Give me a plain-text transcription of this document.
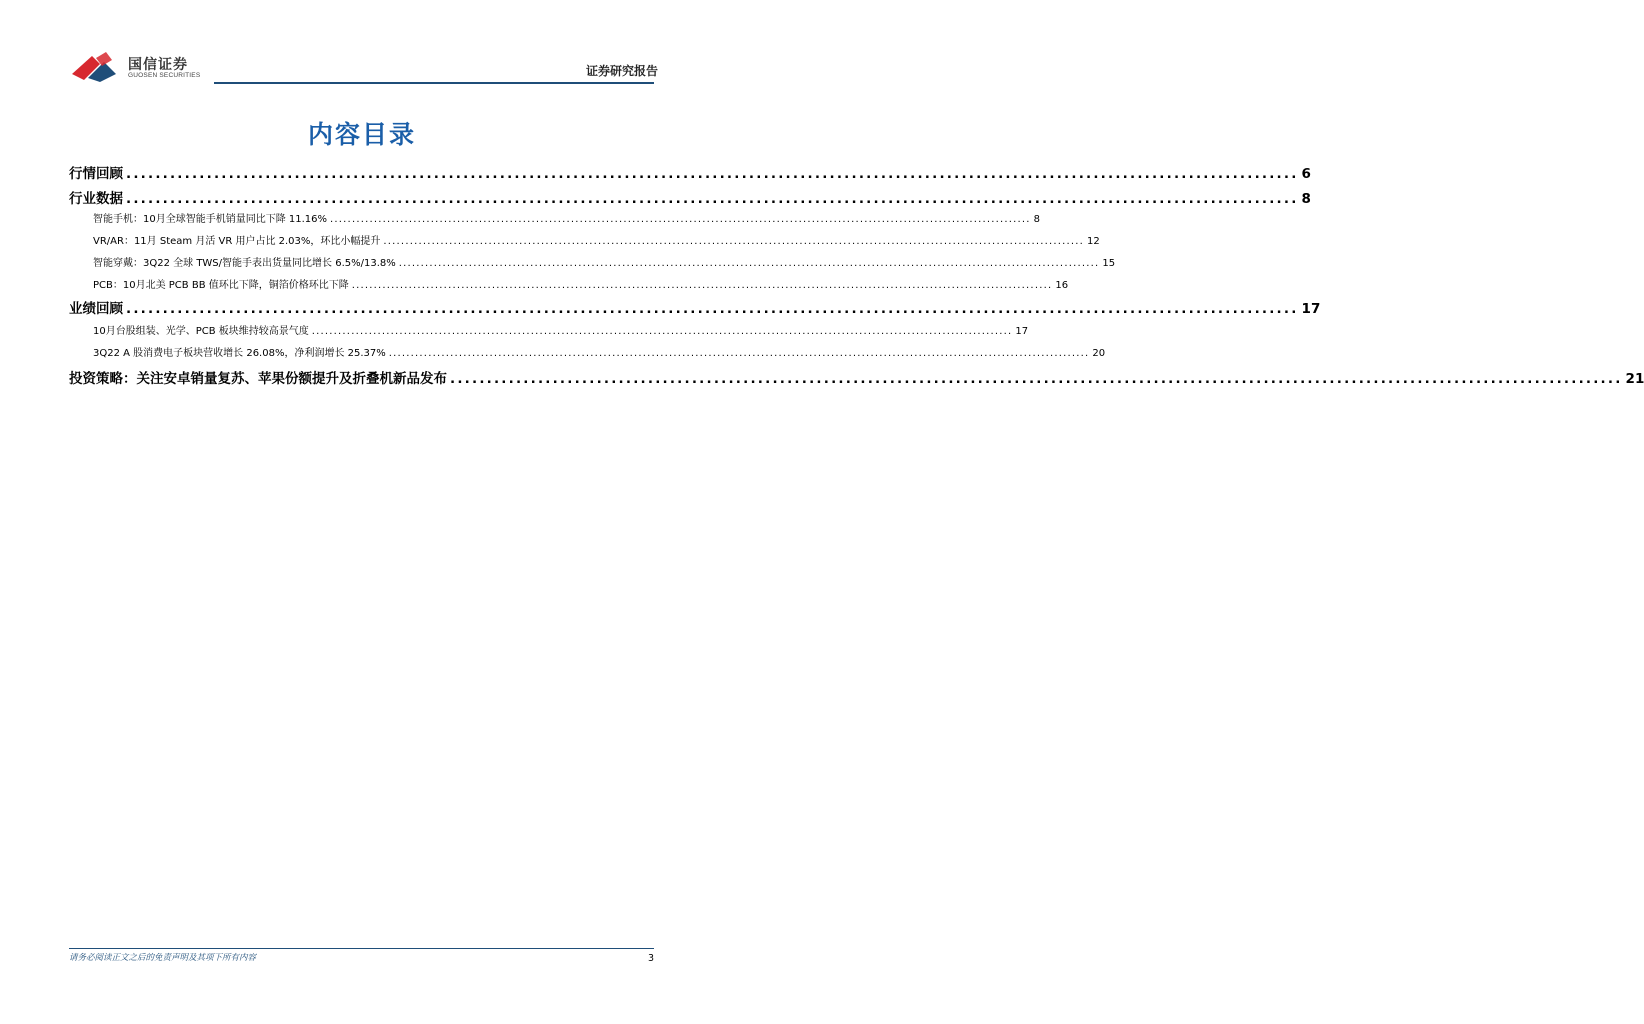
国信证券
GUOSEN SECURITIES	证券研究报告
内容目录
行情回顾 ................................................................................................................................................................ 6
行业数据 ................................................................................................................................................................ 8
智能手机：10月全球智能手机销量同比下降 11.16% ................................................................................................................................................................ 8
VR/AR：11月 Steam 月活 VR 用户占比 2.03%，环比小幅提升 ................................................................................................................................................................ 12
智能穿戴：3Q22 全球 TWS/智能手表出货量同比增长 6.5%/13.8% ................................................................................................................................................................ 15
PCB：10月北美 PCB BB 值环比下降，铜箔价格环比下降 ................................................................................................................................................................ 16
业绩回顾 ................................................................................................................................................................ 17
10月台股组装、光学、PCB 板块维持较高景气度 ................................................................................................................................................................ 17
3Q22 A 股消费电子板块营收增长 26.08%，净利润增长 25.37% ................................................................................................................................................................ 20
投资策略：关注安卓销量复苏、苹果份额提升及折叠机新品发布 ................................................................................................................................................................ 21
请务必阅读正文之后的免责声明及其项下所有内容	3
